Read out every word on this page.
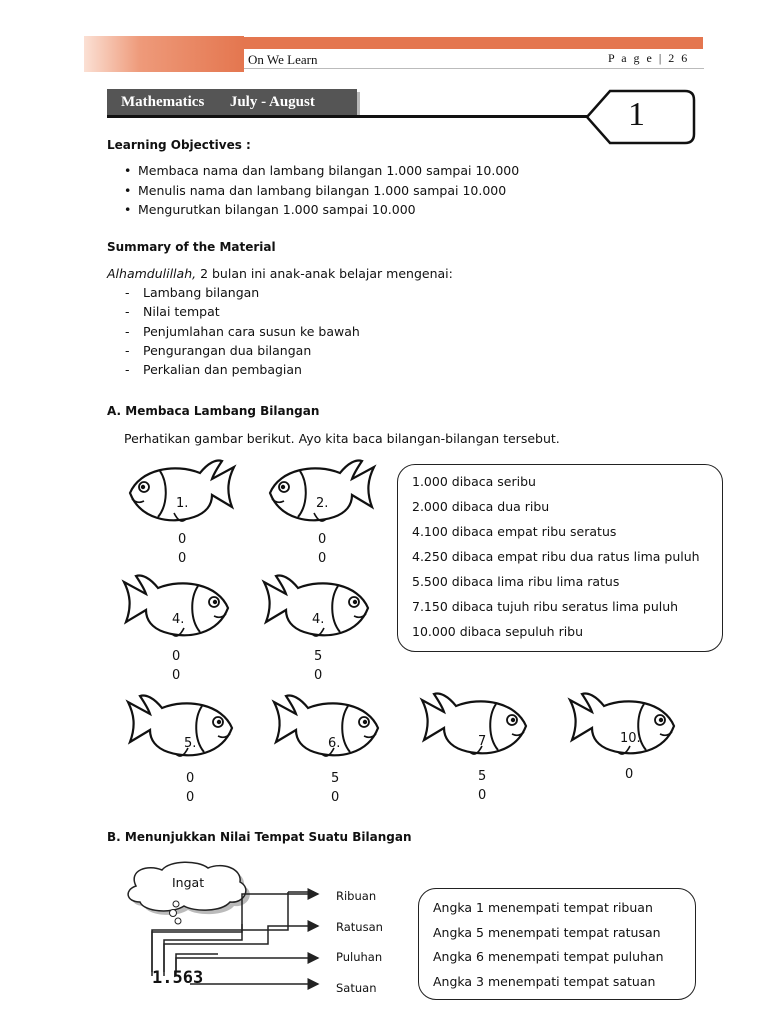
On We Learn	P a g e | 2 6
Mathematics July - August	1
Learning Objectives :
• Membaca nama dan lambang bilangan 1.000 sampai 10.000
• Menulis nama dan lambang bilangan 1.000 sampai 10.000
• Mengurutkan bilangan 1.000 sampai 10.000
Summary of the Material
Alhamdulillah, 2 bulan ini anak-anak belajar mengenai:
- Lambang bilangan
- Nilai tempat
- Penjumlahan cara susun ke bawah
- Pengurangan dua bilangan
- Perkalian dan pembagian
A. Membaca Lambang Bilangan
Perhatikan gambar berikut. Ayo kita baca bilangan-bilangan tersebut.
1.
0
0
2.
0
0
4.
0
0
4.
5
0
5.
0
0
6.
5
0
7
5
0
10.
0
1.000 dibaca seribu
2.000 dibaca dua ribu
4.100 dibaca empat ribu seratus
4.250 dibaca empat ribu dua ratus lima puluh
5.500 dibaca lima ribu lima ratus
7.150 dibaca tujuh ribu seratus lima puluh
10.000 dibaca sepuluh ribu
B. Menunjukkan Nilai Tempat Suatu Bilangan
Ingat
1.563
Ribuan
Ratusan
Puluhan
Satuan
Angka 1 menempati tempat ribuan
Angka 5 menempati tempat ratusan
Angka 6 menempati tempat puluhan
Angka 3 menempati tempat satuan
